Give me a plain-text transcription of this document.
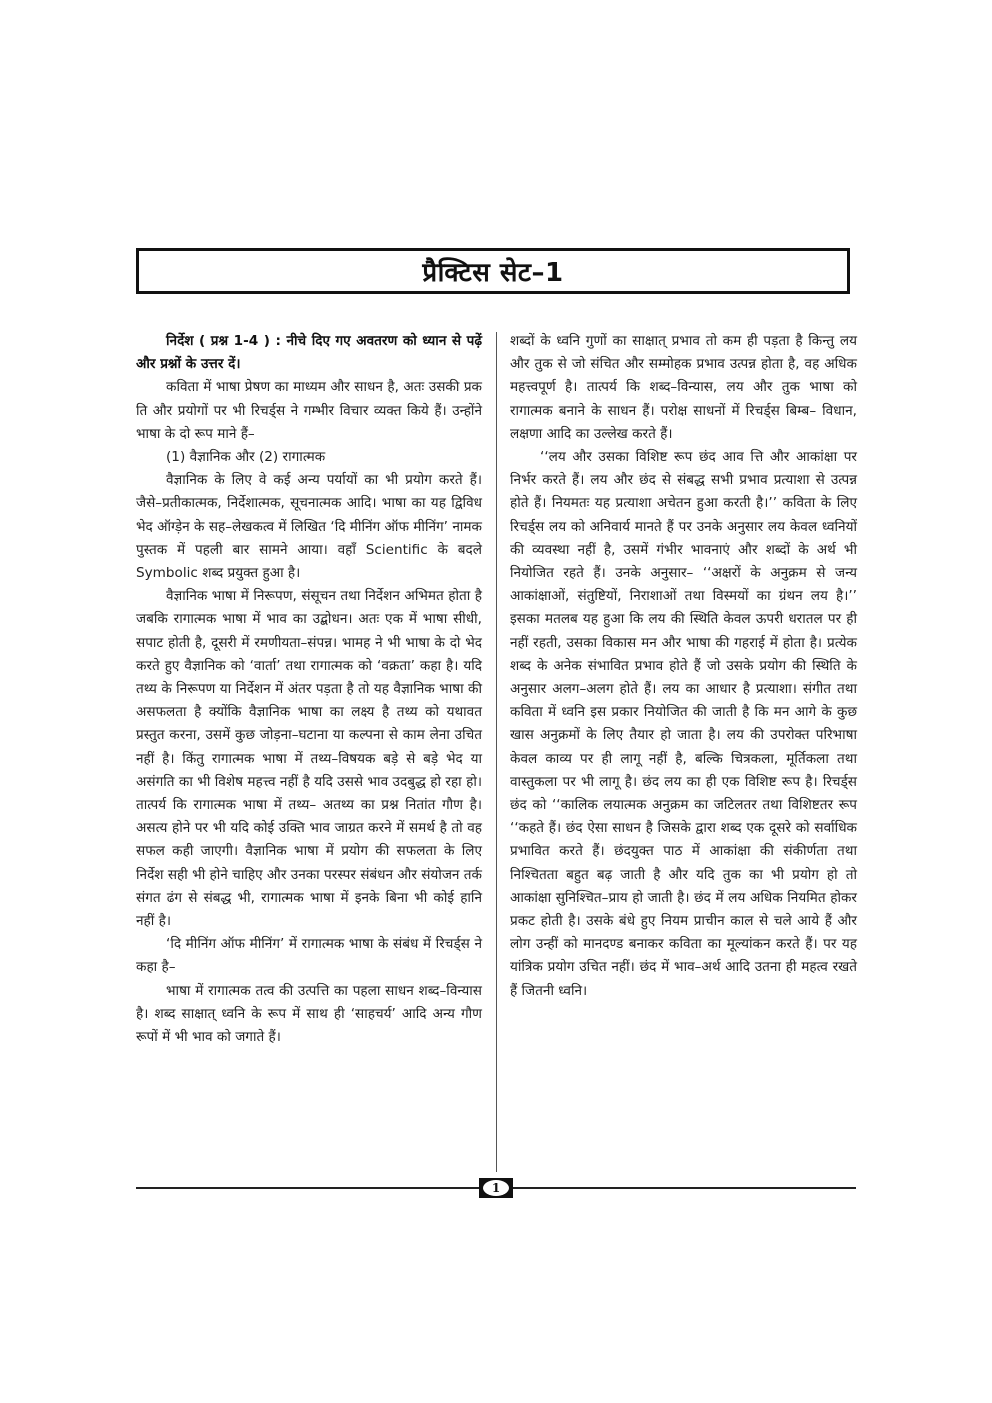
प्रैक्टिस सेट–1

निर्देश ( प्रश्न 1-4 ) : नीचे दिए गए अवतरण को ध्यान से पढ़ें और प्रश्नों के उत्तर दें।

कविता में भाषा प्रेषण का माध्यम और साधन है, अतः उसकी प्रक ति और प्रयोगों पर भी रिचर्ड्स ने गम्भीर विचार व्यक्त किये हैं। उन्होंने भाषा के दो रूप माने हैं–

(1) वैज्ञानिक और (2) रागात्मक

वैज्ञानिक के लिए वे कई अन्य पर्यायों का भी प्रयोग करते हैं। जैसे–प्रतीकात्मक, निर्देशात्मक, सूचनात्मक आदि। भाषा का यह द्विविध भेद ऑग्ड़ेन के सह–लेखकत्व में लिखित ‘दि मीनिंग ऑफ मीनिंग’ नामक पुस्तक में पहली बार सामने आया। वहाँ Scientific के बदले Symbolic शब्द प्रयुक्त हुआ है।

वैज्ञानिक भाषा में निरूपण, संसूचन तथा निर्देशन अभिमत होता है जबकि रागात्मक भाषा में भाव का उद्बोधन। अतः एक में भाषा सीधी, सपाट होती है, दूसरी में रमणीयता–संपन्न। भामह ने भी भाषा के दो भेद करते हुए वैज्ञानिक को ‘वार्ता’ तथा रागात्मक को ‘वक्रता’ कहा है। यदि तथ्य के निरूपण या निर्देशन में अंतर पड़ता है तो यह वैज्ञानिक भाषा की असफलता है क्योंकि वैज्ञानिक भाषा का लक्ष्य है तथ्य को यथावत प्रस्तुत करना, उसमें कुछ जोड़ना–घटाना या कल्पना से काम लेना उचित नहीं है। किंतु रागात्मक भाषा में तथ्य–विषयक बड़े से बड़े भेद या असंगति का भी विशेष महत्त्व नहीं है यदि उससे भाव उदबुद्ध हो रहा हो। तात्पर्य कि रागात्मक भाषा में तथ्य– अतथ्य का प्रश्न नितांत गौण है। असत्य होने पर भी यदि कोई उक्ति भाव जाग्रत करने में समर्थ है तो वह सफल कही जाएगी। वैज्ञानिक भाषा में प्रयोग की सफलता के लिए निर्देश सही भी होने चाहिए और उनका परस्पर संबंधन और संयोजन तर्क संगत ढंग से संबद्ध भी, रागात्मक भाषा में इनके बिना भी कोई हानि नहीं है।

‘दि मीनिंग ऑफ मीनिंग’ में रागात्मक भाषा के संबंध में रिचर्ड्स ने कहा है–

भाषा में रागात्मक तत्व की उत्पत्ति का पहला साधन शब्द–विन्यास है। शब्द साक्षात् ध्वनि के रूप में साथ ही ‘साहचर्य’ आदि अन्य गौण रूपों में भी भाव को जगाते हैं।

शब्दों के ध्वनि गुणों का साक्षात् प्रभाव तो कम ही पड़ता है किन्तु लय और तुक से जो संचित और सम्मोहक प्रभाव उत्पन्न होता है, वह अधिक महत्त्वपूर्ण है। तात्पर्य कि शब्द–विन्यास, लय और तुक भाषा को रागात्मक बनाने के साधन हैं। परोक्ष साधनों में रिचर्ड्स बिम्ब– विधान, लक्षणा आदि का उल्लेख करते हैं।

‘‘लय और उसका विशिष्ट रूप छंद आव त्ति और आकांक्षा पर निर्भर करते हैं। लय और छंद से संबद्ध सभी प्रभाव प्रत्याशा से उत्पन्न होते हैं। नियमतः यह प्रत्याशा अचेतन हुआ करती है।’’ कविता के लिए रिचर्ड्स लय को अनिवार्य मानते हैं पर उनके अनुसार लय केवल ध्वनियों की व्यवस्था नहीं है, उसमें गंभीर भावनाएं और शब्दों के अर्थ भी नियोजित रहते हैं। उनके अनुसार– ‘‘अक्षरों के अनुक्रम से जन्य आकांक्षाओं, संतुष्टियों, निराशाओं तथा विस्मयों का ग्रंथन लय है।’’ इसका मतलब यह हुआ कि लय की स्थिति केवल ऊपरी धरातल पर ही नहीं रहती, उसका विकास मन और भाषा की गहराई में होता है। प्रत्येक शब्द के अनेक संभावित प्रभाव होते हैं जो उसके प्रयोग की स्थिति के अनुसार अलग–अलग होते हैं। लय का आधार है प्रत्याशा। संगीत तथा कविता में ध्वनि इस प्रकार नियोजित की जाती है कि मन आगे के कुछ खास अनुक्रमों के लिए तैयार हो जाता है। लय की उपरोक्त परिभाषा केवल काव्य पर ही लागू नहीं है, बल्कि चित्रकला, मूर्तिकला तथा वास्तुकला पर भी लागू है। छंद लय का ही एक विशिष्ट रूप है। रिचर्ड्स छंद को ‘‘कालिक लयात्मक अनुक्रम का जटिलतर तथा विशिष्टतर रूप ‘‘कहते हैं। छंद ऐसा साधन है जिसके द्वारा शब्द एक दूसरे को सर्वाधिक प्रभावित करते हैं। छंदयुक्त पाठ में आकांक्षा की संकीर्णता तथा निश्चितता बहुत बढ़ जाती है और यदि तुक का भी प्रयोग हो तो आकांक्षा सुनिश्चित–प्राय हो जाती है। छंद में लय अधिक नियमित होकर प्रकट होती है। उसके बंधे हुए नियम प्राचीन काल से चले आये हैं और लोग उन्हीं को मानदण्ड बनाकर कविता का मूल्यांकन करते हैं। पर यह यांत्रिक प्रयोग उचित नहीं। छंद में भाव–अर्थ आदि उतना ही महत्व रखते हैं जितनी ध्वनि।

1
